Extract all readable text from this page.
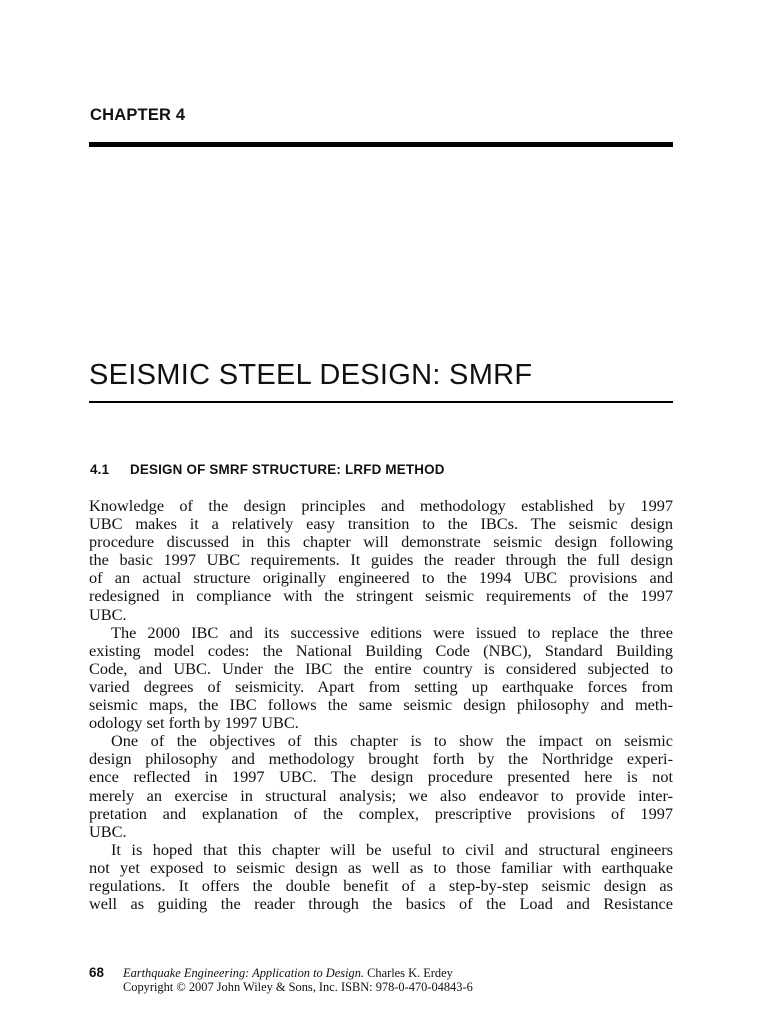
CHAPTER 4
SEISMIC STEEL DESIGN: SMRF
4.1 DESIGN OF SMRF STRUCTURE: LRFD METHOD
Knowledge of the design principles and methodology established by 1997
UBC makes it a relatively easy transition to the IBCs. The seismic design
procedure discussed in this chapter will demonstrate seismic design following
the basic 1997 UBC requirements. It guides the reader through the full design
of an actual structure originally engineered to the 1994 UBC provisions and
redesigned in compliance with the stringent seismic requirements of the 1997
UBC.
The 2000 IBC and its successive editions were issued to replace the three
existing model codes: the National Building Code (NBC), Standard Building
Code, and UBC. Under the IBC the entire country is considered subjected to
varied degrees of seismicity. Apart from setting up earthquake forces from
seismic maps, the IBC follows the same seismic design philosophy and meth-
odology set forth by 1997 UBC.
One of the objectives of this chapter is to show the impact on seismic
design philosophy and methodology brought forth by the Northridge experi-
ence reflected in 1997 UBC. The design procedure presented here is not
merely an exercise in structural analysis; we also endeavor to provide inter-
pretation and explanation of the complex, prescriptive provisions of 1997
UBC.
It is hoped that this chapter will be useful to civil and structural engineers
not yet exposed to seismic design as well as to those familiar with earthquake
regulations. It offers the double benefit of a step-by-step seismic design as
well as guiding the reader through the basics of the Load and Resistance
68 Earthquake Engineering: Application to Design. Charles K. Erdey
Copyright © 2007 John Wiley & Sons, Inc. ISBN: 978-0-470-04843-6
